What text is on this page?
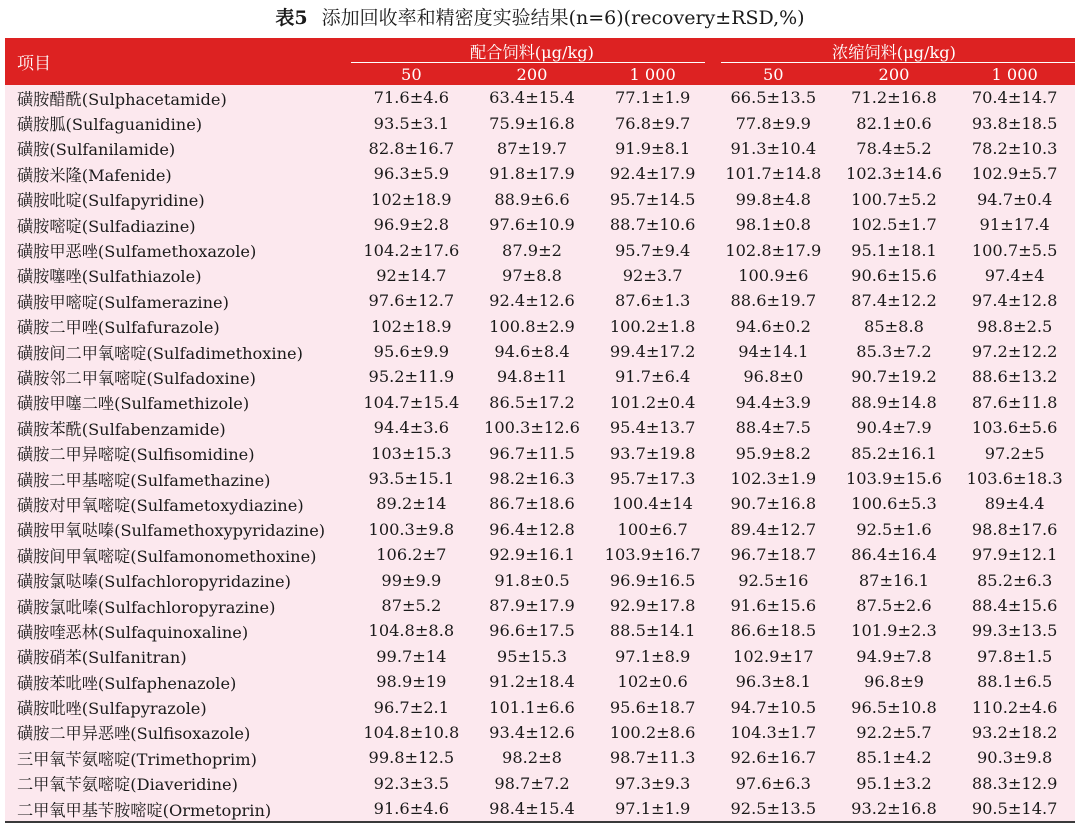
表5 添加回收率和精密度实验结果(n=6)(recovery±RSD,%)
项目	配合饲料(μg/kg)			浓缩饲料(μg/kg)		

	50	200	1 000	50	200	1 000
磺胺醋酰(Sulphacetamide)	71.6±4.6	63.4±15.4	77.1±1.9	66.5±13.5	71.2±16.8	70.4±14.7
磺胺胍(Sulfaguanidine)	93.5±3.1	75.9±16.8	76.8±9.7	77.8±9.9	82.1±0.6	93.8±18.5
磺胺(Sulfanilamide)	82.8±16.7	87±19.7	91.9±8.1	91.3±10.4	78.4±5.2	78.2±10.3
磺胺米隆(Mafenide)	96.3±5.9	91.8±17.9	92.4±17.9	101.7±14.8	102.3±14.6	102.9±5.7
磺胺吡啶(Sulfapyridine)	102±18.9	88.9±6.6	95.7±14.5	99.8±4.8	100.7±5.2	94.7±0.4
磺胺嘧啶(Sulfadiazine)	96.9±2.8	97.6±10.9	88.7±10.6	98.1±0.8	102.5±1.7	91±17.4
磺胺甲恶唑(Sulfamethoxazole)	104.2±17.6	87.9±2	95.7±9.4	102.8±17.9	95.1±18.1	100.7±5.5
磺胺噻唑(Sulfathiazole)	92±14.7	97±8.8	92±3.7	100.9±6	90.6±15.6	97.4±4
磺胺甲嘧啶(Sulfamerazine)	97.6±12.7	92.4±12.6	87.6±1.3	88.6±19.7	87.4±12.2	97.4±12.8
磺胺二甲唑(Sulfafurazole)	102±18.9	100.8±2.9	100.2±1.8	94.6±0.2	85±8.8	98.8±2.5
磺胺间二甲氧嘧啶(Sulfadimethoxine)	95.6±9.9	94.6±8.4	99.4±17.2	94±14.1	85.3±7.2	97.2±12.2
磺胺邻二甲氧嘧啶(Sulfadoxine)	95.2±11.9	94.8±11	91.7±6.4	96.8±0	90.7±19.2	88.6±13.2
磺胺甲噻二唑(Sulfamethizole)	104.7±15.4	86.5±17.2	101.2±0.4	94.4±3.9	88.9±14.8	87.6±11.8
磺胺苯酰(Sulfabenzamide)	94.4±3.6	100.3±12.6	95.4±13.7	88.4±7.5	90.4±7.9	103.6±5.6
磺胺二甲异嘧啶(Sulfisomidine)	103±15.3	96.7±11.5	93.7±19.8	95.9±8.2	85.2±16.1	97.2±5
磺胺二甲基嘧啶(Sulfamethazine)	93.5±15.1	98.2±16.3	95.7±17.3	102.3±1.9	103.9±15.6	103.6±18.3
磺胺对甲氧嘧啶(Sulfametoxydiazine)	89.2±14	86.7±18.6	100.4±14	90.7±16.8	100.6±5.3	89±4.4
磺胺甲氧哒嗪(Sulfamethoxypyridazine)	100.3±9.8	96.4±12.8	100±6.7	89.4±12.7	92.5±1.6	98.8±17.6
磺胺间甲氧嘧啶(Sulfamonomethoxine)	106.2±7	92.9±16.1	103.9±16.7	96.7±18.7	86.4±16.4	97.9±12.1
磺胺氯哒嗪(Sulfachloropyridazine)	99±9.9	91.8±0.5	96.9±16.5	92.5±16	87±16.1	85.2±6.3
磺胺氯吡嗪(Sulfachloropyrazine)	87±5.2	87.9±17.9	92.9±17.8	91.6±15.6	87.5±2.6	88.4±15.6
磺胺喹恶林(Sulfaquinoxaline)	104.8±8.8	96.6±17.5	88.5±14.1	86.6±18.5	101.9±2.3	99.3±13.5
磺胺硝苯(Sulfanitran)	99.7±14	95±15.3	97.1±8.9	102.9±17	94.9±7.8	97.8±1.5
磺胺苯吡唑(Sulfaphenazole)	98.9±19	91.2±18.4	102±0.6	96.3±8.1	96.8±9	88.1±6.5
磺胺吡唑(Sulfapyrazole)	96.7±2.1	101.1±6.6	95.6±18.7	94.7±10.5	96.5±10.8	110.2±4.6
磺胺二甲异恶唑(Sulfisoxazole)	104.8±10.8	93.4±12.6	100.2±8.6	104.3±1.7	92.2±5.7	93.2±18.2
三甲氧苄氨嘧啶(Trimethoprim)	99.8±12.5	98.2±8	98.7±11.3	92.6±16.7	85.1±4.2	90.3±9.8
二甲氧苄氨嘧啶(Diaveridine)	92.3±3.5	98.7±7.2	97.3±9.3	97.6±6.3	95.1±3.2	88.3±12.9
二甲氧甲基苄胺嘧啶(Ormetoprin)	91.6±4.6	98.4±15.4	97.1±1.9	92.5±13.5	93.2±16.8	90.5±14.7
